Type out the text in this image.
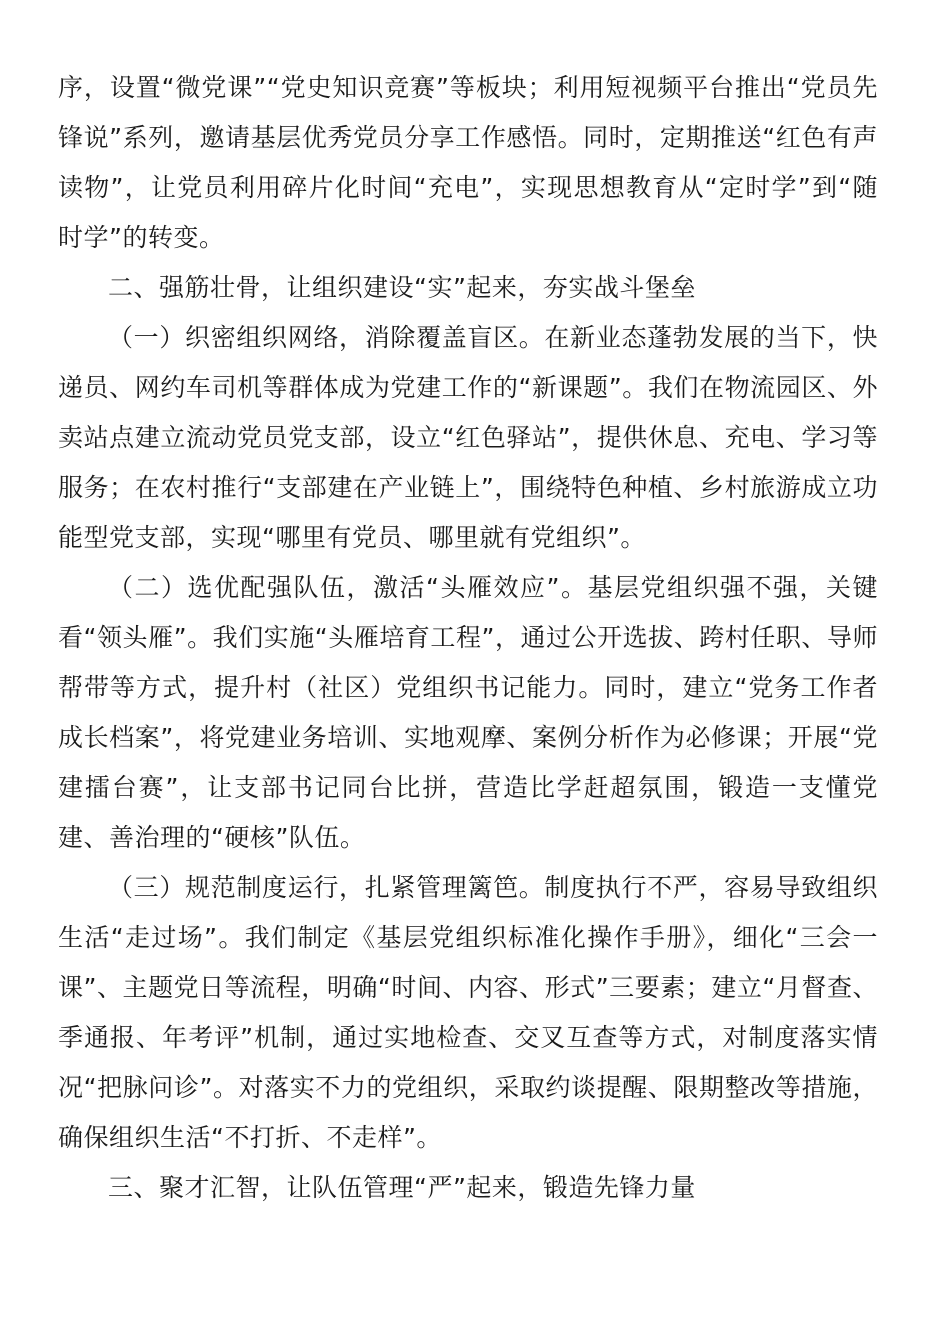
序，设置“微党课”“党史知识竞赛”等板块；利用短视频平台推出“党员先锋说”系列，邀请基层优秀党员分享工作感悟。同时，定期推送“红色有声读物”，让党员利用碎片化时间“充电”，实现思想教育从“定时学”到“随时学”的转变。

二、强筋壮骨，让组织建设“实”起来，夯实战斗堡垒

（一）织密组织网络，消除覆盖盲区。在新业态蓬勃发展的当下，快递员、网约车司机等群体成为党建工作的“新课题”。我们在物流园区、外卖站点建立流动党员党支部，设立“红色驿站”，提供休息、充电、学习等服务；在农村推行“支部建在产业链上”，围绕特色种植、乡村旅游成立功能型党支部，实现“哪里有党员、哪里就有党组织”。

（二）选优配强队伍，激活“头雁效应”。基层党组织强不强，关键看“领头雁”。我们实施“头雁培育工程”，通过公开选拔、跨村任职、导师帮带等方式，提升村（社区）党组织书记能力。同时，建立“党务工作者成长档案”，将党建业务培训、实地观摩、案例分析作为必修课；开展“党建擂台赛”，让支部书记同台比拼，营造比学赶超氛围，锻造一支懂党建、善治理的“硬核”队伍。

（三）规范制度运行，扎紧管理篱笆。制度执行不严，容易导致组织生活“走过场”。我们制定《基层党组织标准化操作手册》，细化“三会一课”、主题党日等流程，明确“时间、内容、形式”三要素；建立“月督查、季通报、年考评”机制，通过实地检查、交叉互查等方式，对制度落实情况“把脉问诊”。对落实不力的党组织，采取约谈提醒、限期整改等措施，确保组织生活“不打折、不走样”。

三、聚才汇智，让队伍管理“严”起来，锻造先锋力量
